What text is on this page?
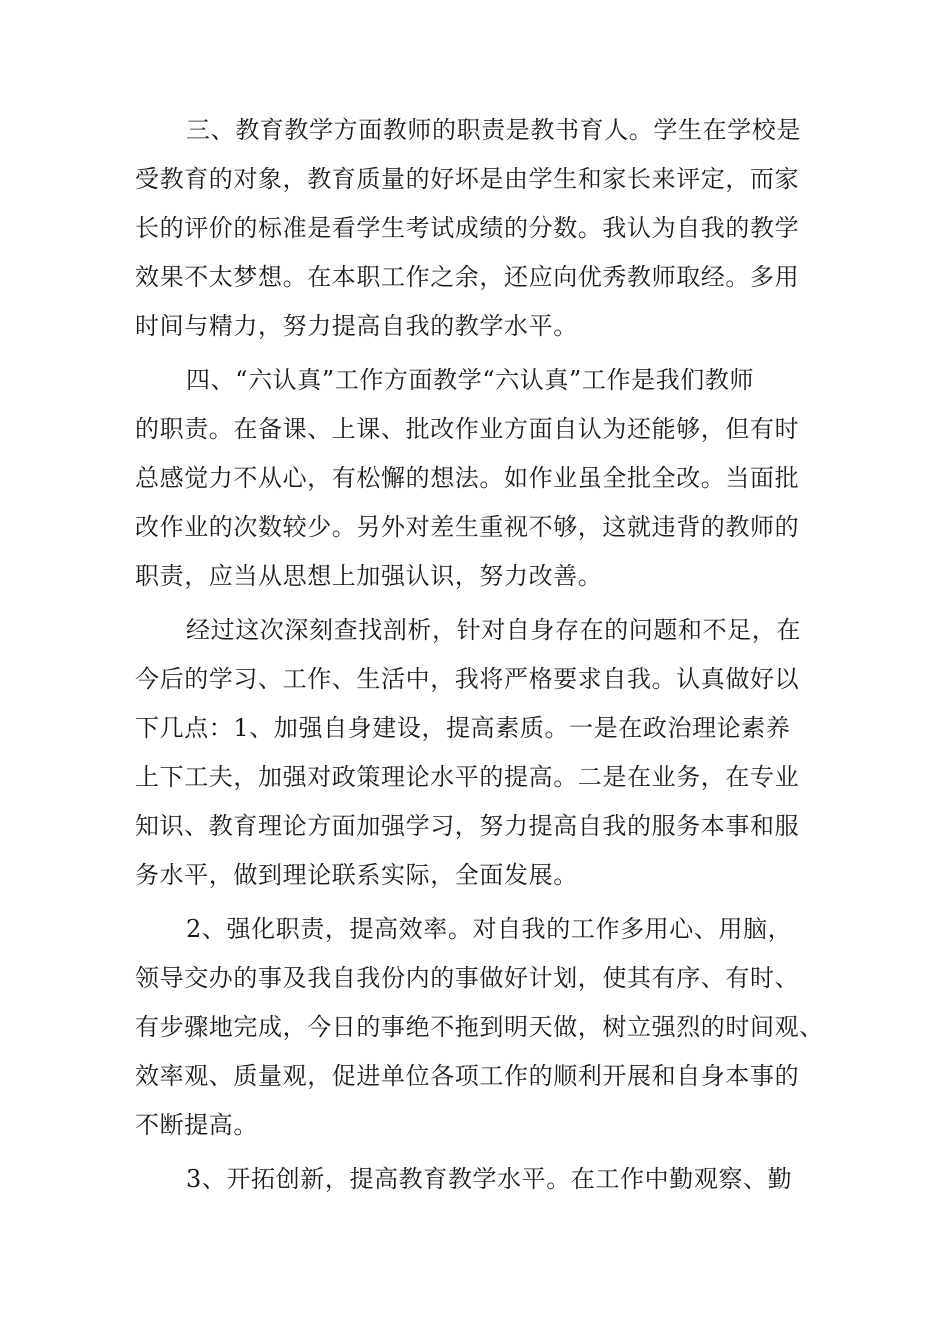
三、教育教学方面教师的职责是教书育人。学生在学校是
受教育的对象，教育质量的好坏是由学生和家长来评定，而家
长的评价的标准是看学生考试成绩的分数。我认为自我的教学
效果不太梦想。在本职工作之余，还应向优秀教师取经。多用
时间与精力，努力提高自我的教学水平。
四、“六认真”工作方面教学“六认真”工作是我们教师
的职责。在备课、上课、批改作业方面自认为还能够，但有时
总感觉力不从心，有松懈的想法。如作业虽全批全改。当面批
改作业的次数较少。另外对差生重视不够，这就违背的教师的
职责，应当从思想上加强认识，努力改善。
经过这次深刻查找剖析，针对自身存在的问题和不足，在
今后的学习、工作、生活中，我将严格要求自我。认真做好以
下几点：1、加强自身建设，提高素质。一是在政治理论素养
上下工夫，加强对政策理论水平的提高。二是在业务，在专业
知识、教育理论方面加强学习，努力提高自我的服务本事和服
务水平，做到理论联系实际，全面发展。
2、强化职责，提高效率。对自我的工作多用心、用脑，
领导交办的事及我自我份内的事做好计划，使其有序、有时、
有步骤地完成，今日的事绝不拖到明天做，树立强烈的时间观、
效率观、质量观，促进单位各项工作的顺利开展和自身本事的
不断提高。
3、开拓创新，提高教育教学水平。在工作中勤观察、勤
